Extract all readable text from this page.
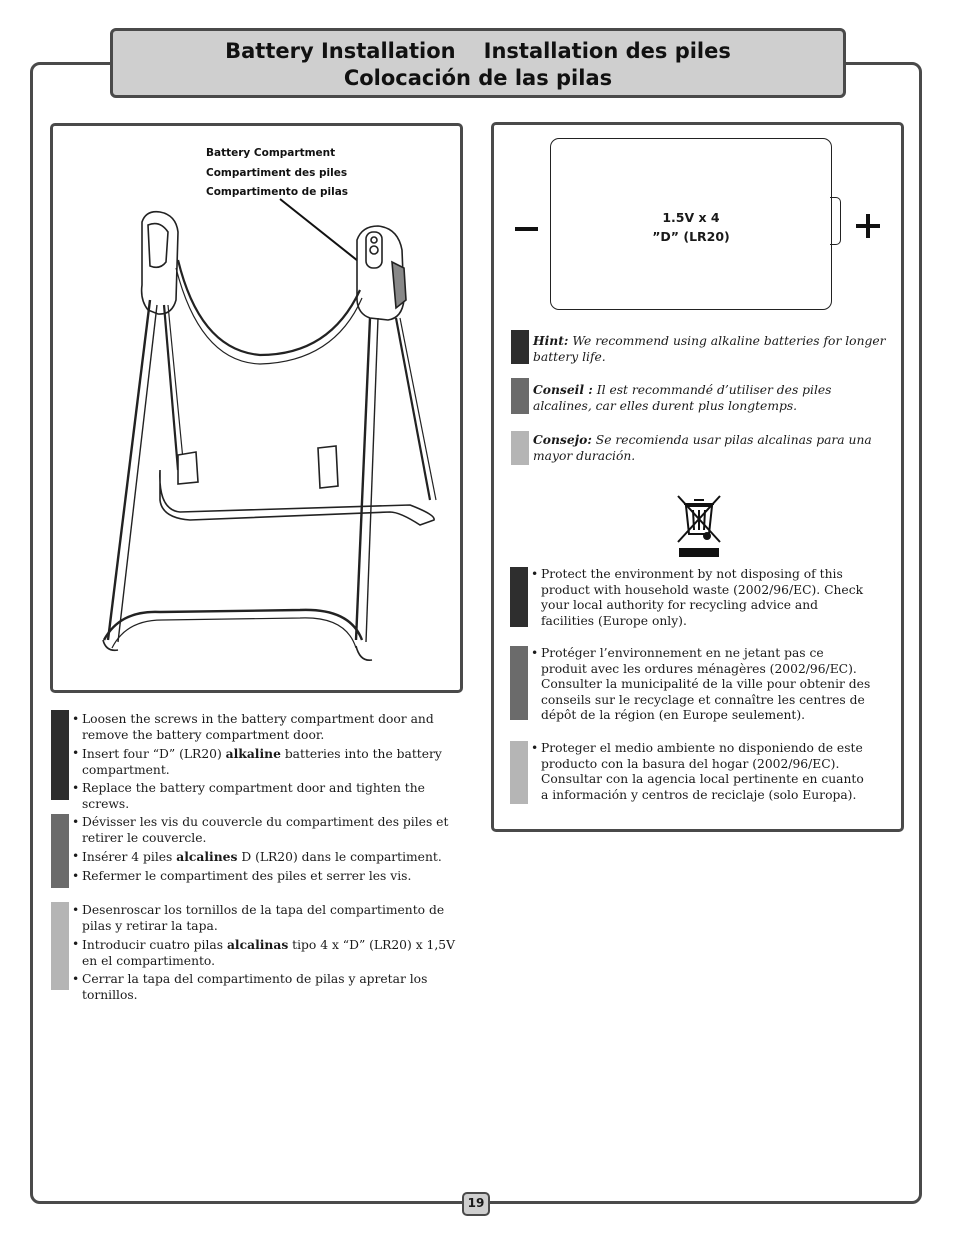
Battery Installation Installation des piles
Colocación de las pilas
Battery Compartment
Compartiment des piles
Compartimento de pilas
• Loosen the screws in the battery compartment door and remove the battery compartment door.
• Insert four “D” (LR20) alkaline batteries into the battery compartment.
• Replace the battery compartment door and tighten the screws.
• Dévisser les vis du couvercle du compartiment des piles et retirer le couvercle.
• Insérer 4 piles alcalines D (LR20) dans le compartiment.
• Refermer le compartiment des piles et serrer les vis.
• Desenroscar los tornillos de la tapa del compartimento de pilas y retirar la tapa.
• Introducir cuatro pilas alcalinas tipo 4 x “D” (LR20) x 1,5V en el compartimento.
• Cerrar la tapa del compartimento de pilas y apretar los tornillos.
1.5V x 4
”D” (LR20)
Hint: We recommend using alkaline batteries for longer battery life.
Conseil : Il est recommandé d’utiliser des piles alcalines, car elles durent plus longtemps.
Consejo: Se recomienda usar pilas alcalinas para una mayor duración.
• Protect the environment by not disposing of this product with household waste (2002/96/EC). Check your local authority for recycling advice and facilities (Europe only).
• Protéger l’environnement en ne jetant pas ce produit avec les ordures ménagères (2002/96/EC). Consulter la municipalité de la ville pour obtenir des conseils sur le recyclage et connaître les centres de dépôt de la région (en Europe seulement).
• Proteger el medio ambiente no disponiendo de este producto con la basura del hogar (2002/96/EC). Consultar con la agencia local pertinente en cuanto a información y centros de reciclaje (solo Europa).
19
